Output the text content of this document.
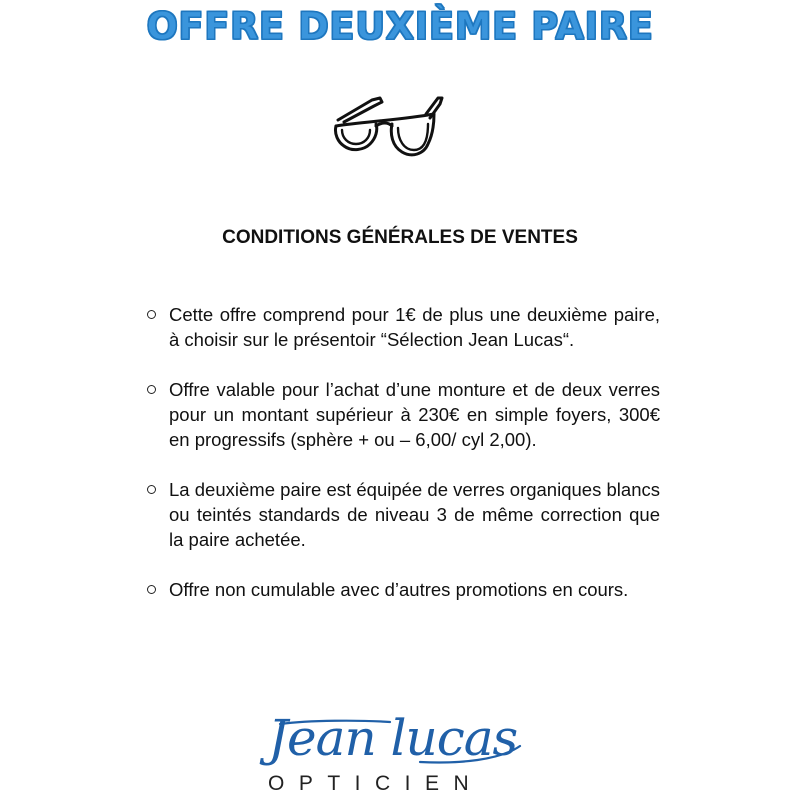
OFFRE DEUXIÈME PAIRE
CONDITIONS GÉNÉRALES DE VENTES
Cette offre comprend pour 1€ de plus une deuxième paire, à choisir sur le présentoir “Sélection Jean Lucas“.
Offre valable pour l’achat d’une monture et de deux verres pour un montant supérieur à 230€ en simple foyers, 300€ en progressifs (sphère + ou – 6,00/ cyl 2,00).
La deuxième paire est équipée de verres organiques blancs ou teintés standards de niveau 3 de même correction que la paire achetée.
Offre non cumulable avec d’autres promotions en cours.
Jean lucas
OPTICIEN
